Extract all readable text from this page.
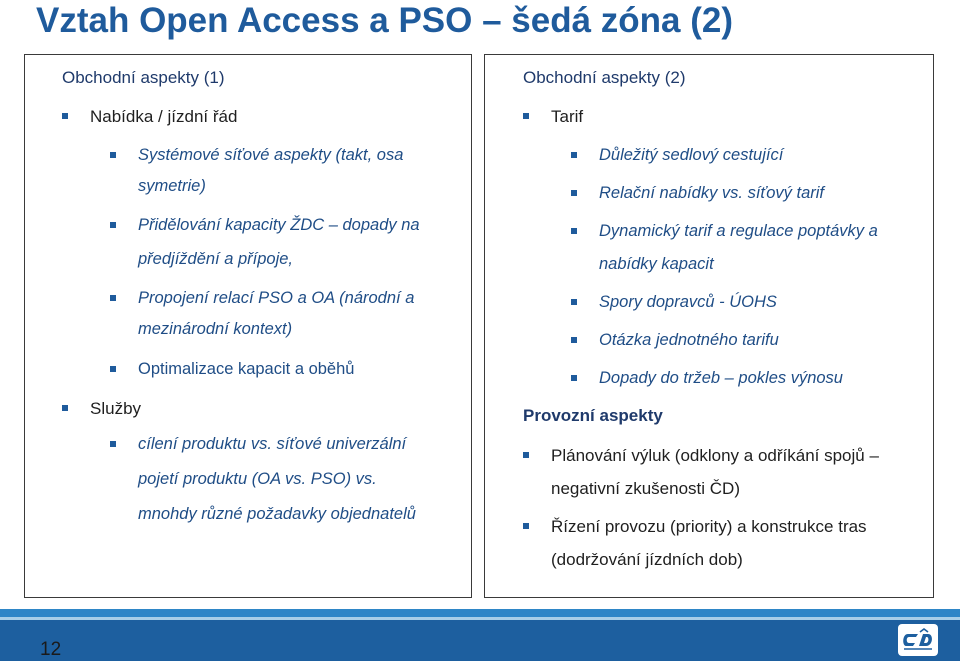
Vztah Open Access a PSO – šedá zóna (2)
Obchodní aspekty (1)
Nabídka / jízdní řád
Systémové síťové aspekty (takt, osa
symetrie)
Přidělování kapacity ŽDC – dopady na
předjíždění a přípoje,
Propojení relací PSO a OA (národní a
mezinárodní kontext)
Optimalizace kapacit a oběhů
Služby
cílení produktu vs. síťové univerzální
pojetí produktu (OA vs. PSO) vs.
mnohdy různé požadavky objednatelů
Obchodní aspekty (2)
Tarif
Důležitý sedlový cestující
Relační nabídky vs. síťový tarif
Dynamický tarif a regulace poptávky a
nabídky kapacit
Spory dopravců - ÚOHS
Otázka jednotného tarifu
Dopady do tržeb – pokles výnosu
Provozní aspekty
Plánování výluk (odklony a odříkání spojů –
negativní zkušenosti ČD)
Řízení provozu (priority) a konstrukce tras
(dodržování jízdních dob)
12
